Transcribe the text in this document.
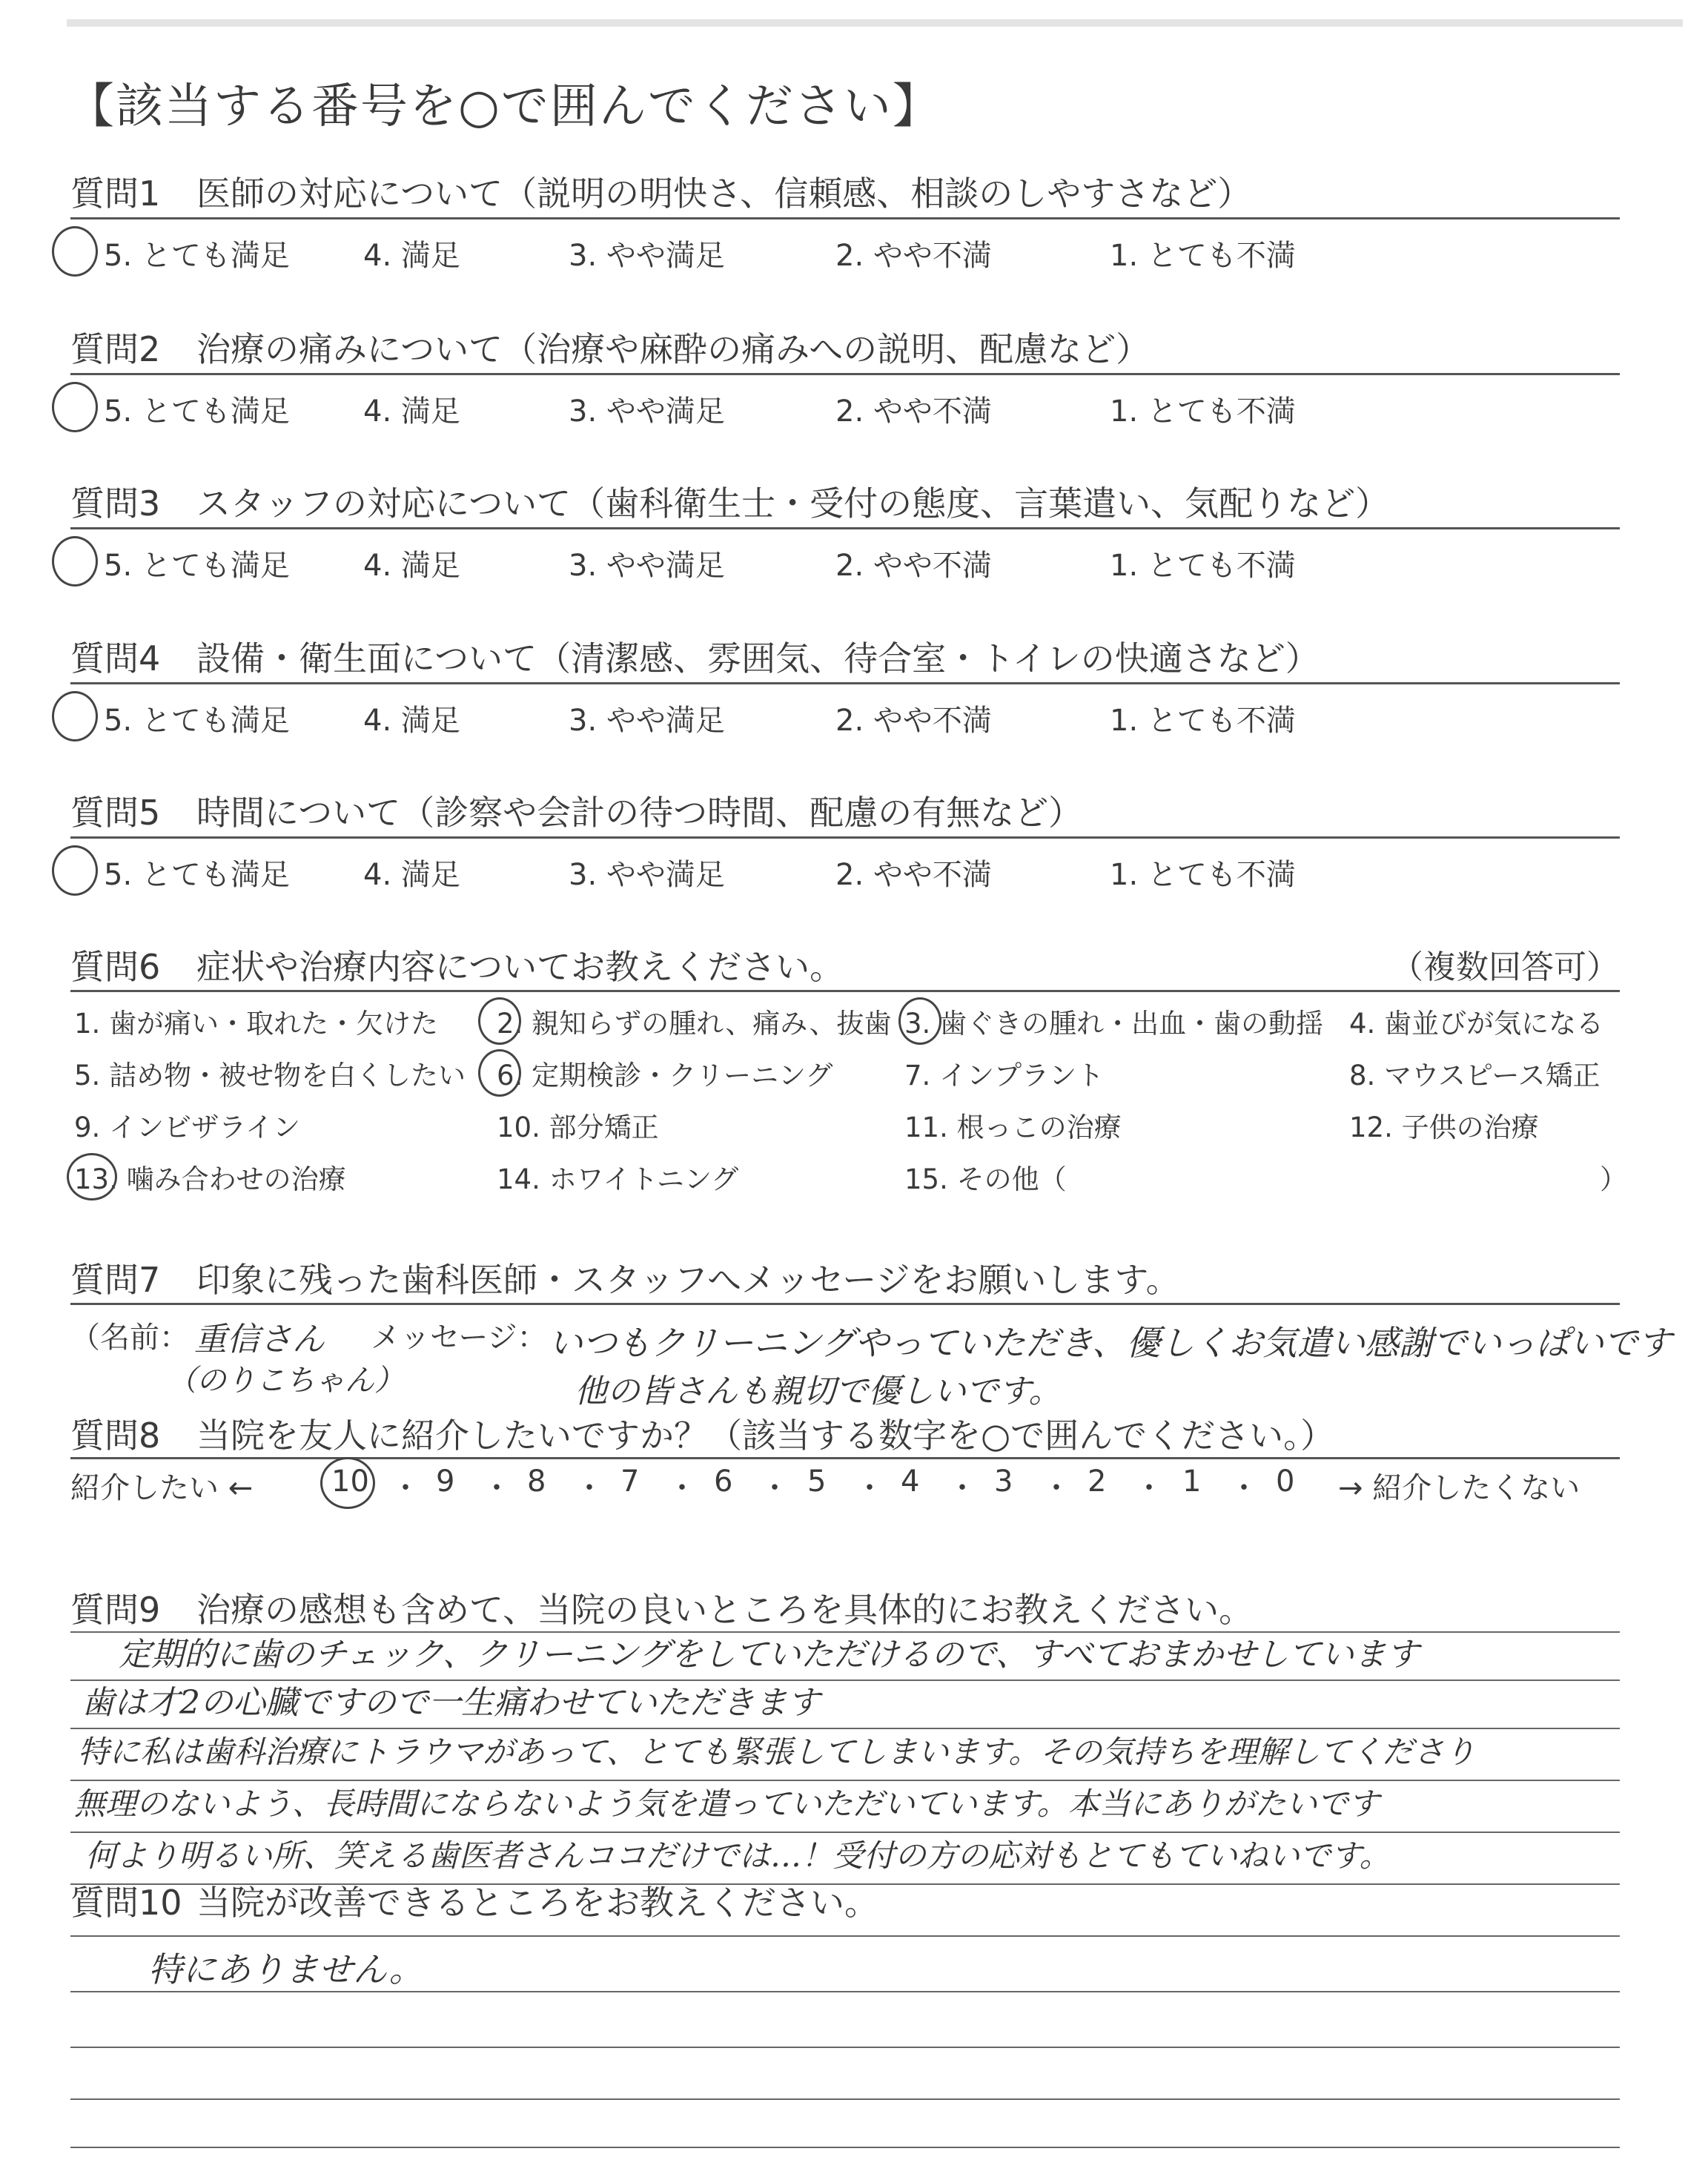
【該当する番号を○で囲んでください】
質問1 医師の対応について（説明の明快さ、信頼感、相談のしやすさなど）
5. とても満足 4. 満足	3. やや満足	2. やや不満	1. とても不満
質問2 治療の痛みについて（治療や麻酔の痛みへの説明、配慮など）
5. とても満足 4. 満足	3. やや満足	2. やや不満	1. とても不満
質問3 スタッフの対応について（歯科衛生士・受付の態度、言葉遣い、気配りなど）
5. とても満足 4. 満足	3. やや満足	2. やや不満	1. とても不満
質問4 設備・衛生面について（清潔感、雰囲気、待合室・トイレの快適さなど）
5. とても満足 4. 満足	3. やや満足	2. やや不満	1. とても不満
質問5 時間について（診察や会計の待つ時間、配慮の有無など）
5. とても満足 4. 満足	3. やや満足	2. やや不満	1. とても不満
質問6 症状や治療内容についてお教えください。	（複数回答可）
1. 歯が痛い・取れた・欠けた 2. 親知らずの腫れ、痛み、抜歯 3. 歯ぐきの腫れ・出血・歯の動揺 4. 歯並びが気になる
5. 詰め物・被せ物を白くしたい 6. 定期検診・クリーニング	7. インプラント	8. マウスピース矯正
9. インビザライン	10. 部分矯正	11. 根っこの治療	12. 子供の治療
13. 噛み合わせの治療	14. ホワイトニング	15. その他（	）
質問7 印象に残った歯科医師・スタッフへメッセージをお願いします。
（名前：	メッセージ：
重信さん
（のりこちゃん）
いつもクリーニングやっていただき、優しくお気遣い感謝でいっぱいです
他の皆さんも親切で優しいです。
質問8 当院を友人に紹介したいですか？（該当する数字を○で囲んでください。）
紹介したい ←	10 ・ 9 ・ 8 ・ 7 ・ 6 ・ 5 ・ 4 ・ 3 ・ 2 ・ 1 ・ 0 → 紹介したくない
質問9 治療の感想も含めて、当院の良いところを具体的にお教えください。
定期的に歯のチェック、クリーニングをしていただけるので、すべておまかせしています
歯は才2の心臓ですので一生痛わせていただきます
特に私は歯科治療にトラウマがあって、とても緊張してしまいます。その気持ちを理解してくださり
無理のないよう、長時間にならないよう気を遣っていただいています。本当にありがたいです
何より明るい所、笑える歯医者さんココだけでは…！受付の方の応対もとてもていねいです。
質問10 当院が改善できるところをお教えください。
特にありません。
